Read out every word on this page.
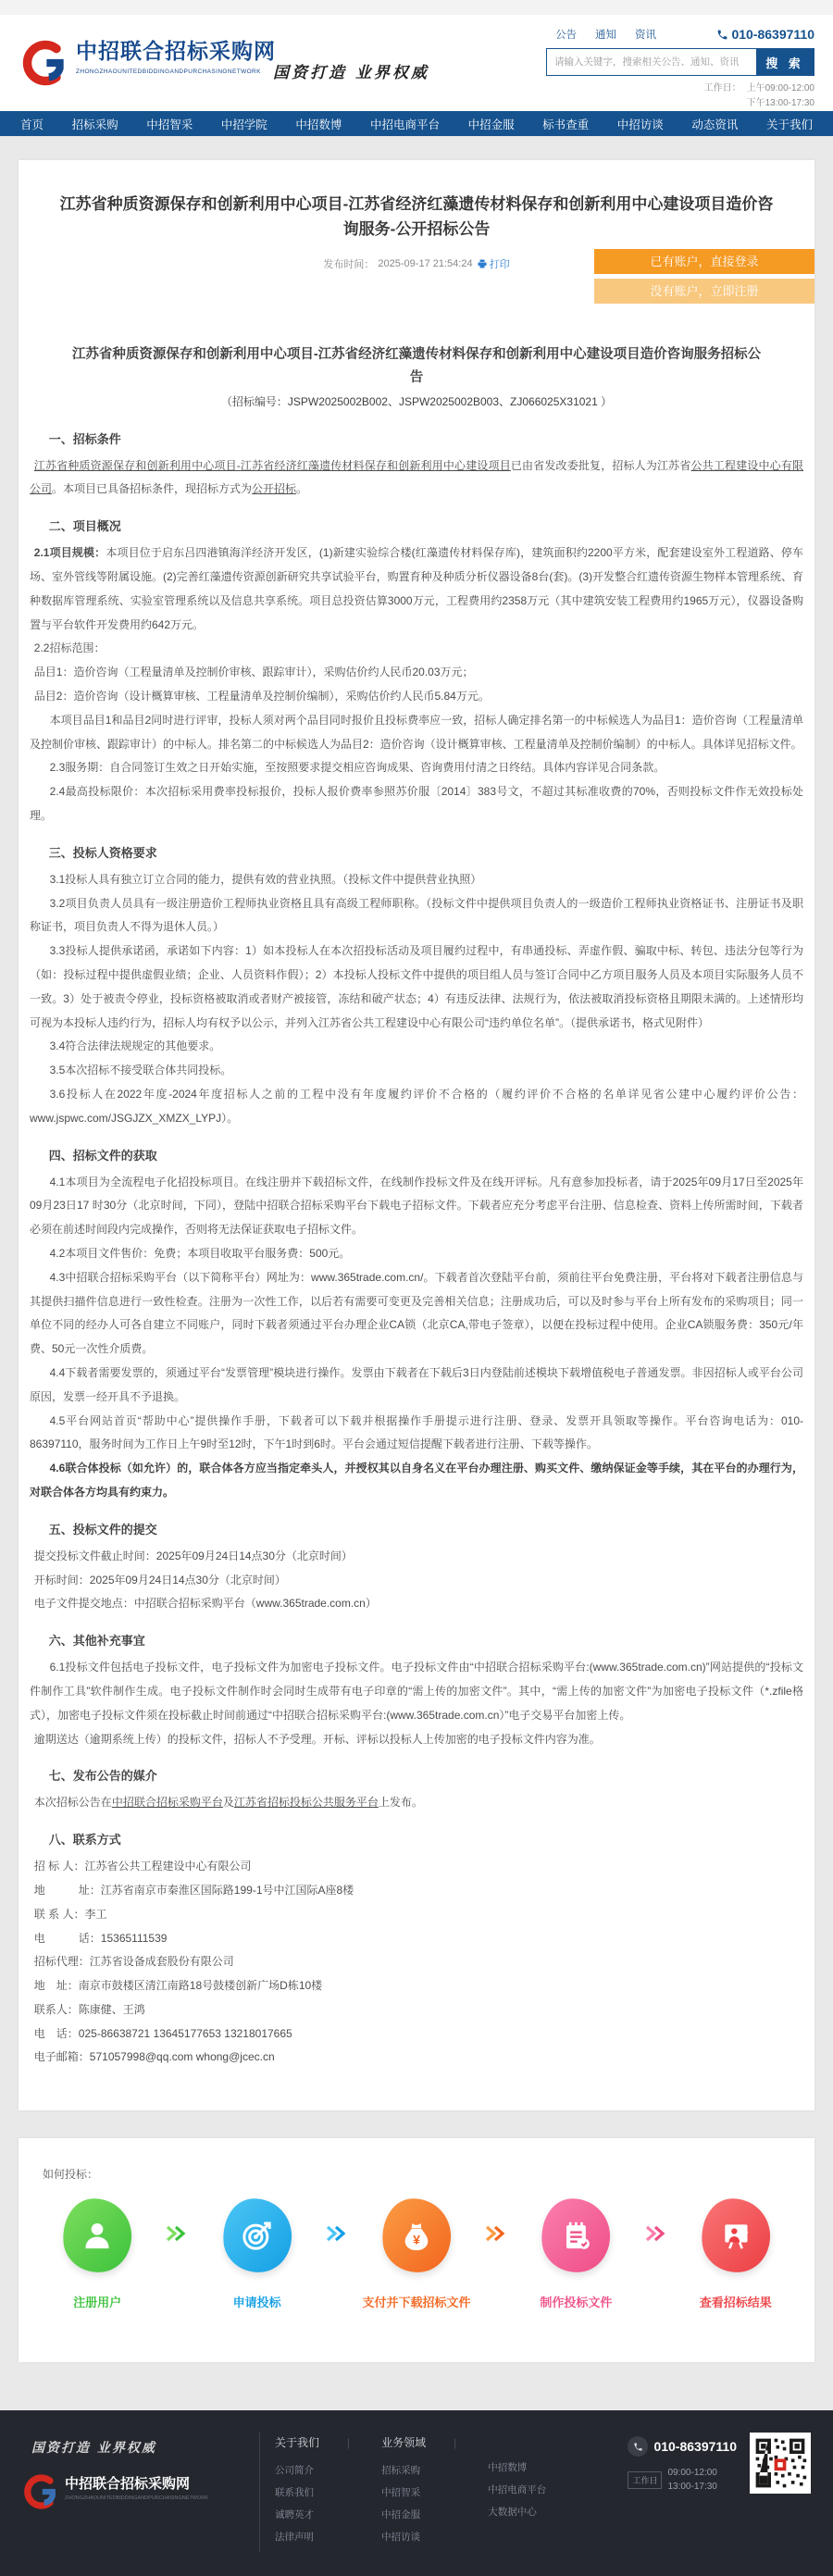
中招联合招标采购网
ZHONGZHAOUNITEDBIDDINGANDPURCHASINGNETWORK 国资打造 业界权威
公告	通知	资讯	010-86397110
请输入关键字，搜索相关公告、通知、资讯
搜 索
工作日： 上午09:00-12:00
下午13:00-17:30
首页 招标采购 中招智采 中招学院 中招数博 中招电商平台 中招金服 标书查重 中招访谈 动态资讯 关于我们
江苏省种质资源保存和创新利用中心项目-江苏省经济红藻遗传材料保存和创新利用中心建设项目造价咨询服务-公开招标公告
发布时间： 2025-09-17 21:54:24 打印	已有账户，直接登录
没有账户，立即注册
江苏省种质资源保存和创新利用中心项目-江苏省经济红藻遗传材料保存和创新利用中心建设项目造价咨询服务招标公告
（招标编号：JSPW2025002B002、JSPW2025002B003、ZJ066025X31021 ）
一、招标条件

江苏省种质资源保存和创新利用中心项目-江苏省经济红藻遗传材料保存和创新利用中心建设项目已由省发改委批复，招标人为江苏省公共工程建设中心有限公司。本项目已具备招标条件，现招标方式为公开招标。

二、项目概况

2.1项目规模：本项目位于启东吕四港镇海洋经济开发区，(1)新建实验综合楼(红藻遗传材料保存库)，建筑面积约2200平方米，配套建设室外工程道路、停车场、室外管线等附属设施。(2)完善红藻遗传资源创新研究共享试验平台，购置育种及种质分析仪器设备8台(套)。(3)开发整合红遗传资源生物样本管理系统、育种数据库管理系统、实验室管理系统以及信息共享系统。项目总投资估算3000万元，工程费用约2358万元（其中建筑安装工程费用约1965万元），仪器设备购置与平台软件开发费用约642万元。

2.2招标范围：

品目1：造价咨询（工程量清单及控制价审核、跟踪审计），采购估价约人民币20.03万元；

品目2：造价咨询（设计概算审核、工程量清单及控制价编制），采购估价约人民币5.84万元。

本项目品目1和品目2同时进行评审，投标人须对两个品目同时报价且投标费率应一致，招标人确定排名第一的中标候选人为品目1：造价咨询（工程量清单及控制价审核、跟踪审计）的中标人。排名第二的中标候选人为品目2：造价咨询（设计概算审核、工程量清单及控制价编制）的中标人。具体详见招标文件。

2.3服务期：自合同签订生效之日开始实施，至按照要求提交相应咨询成果、咨询费用付清之日终结。具体内容详见合同条款。

2.4最高投标限价：本次招标采用费率投标报价，投标人报价费率参照苏价服〔2014〕383号文，不超过其标准收费的70%，否则投标文件作无效投标处理。

三、投标人资格要求

3.1投标人具有独立订立合同的能力，提供有效的营业执照。（投标文件中提供营业执照）

3.2项目负责人员具有一级注册造价工程师执业资格且具有高级工程师职称。（投标文件中提供项目负责人的一级造价工程师执业资格证书、注册证书及职称证书，项目负责人不得为退休人员。）

3.3投标人提供承诺函，承诺如下内容：1）如本投标人在本次招投标活动及项目履约过程中，有串通投标、弄虚作假、骗取中标、转包、违法分包等行为（如：投标过程中提供虚假业绩；企业、人员资料作假）；2）本投标人投标文件中提供的项目组人员与签订合同中乙方项目服务人员及本项目实际服务人员不一致。3）处于被责令停业，投标资格被取消或者财产被接管，冻结和破产状态；4）有违反法律、法规行为，依法被取消投标资格且期限未满的。上述情形均可视为本投标人违约行为，招标人均有权予以公示，并列入江苏省公共工程建设中心有限公司“违约单位名单”。（提供承诺书，格式见附件）

3.4符合法律法规规定的其他要求。

3.5本次招标不接受联合体共同投标。

3.6投标人在2022年度-2024年度招标人之前的工程中没有年度履约评价不合格的（履约评价不合格的名单详见省公建中心履约评价公告：www.jspwc.com/JSGJZX_XMZX_LYPJ）。

四、招标文件的获取

4.1本项目为全流程电子化招投标项目。在线注册并下载招标文件，在线制作投标文件及在线开评标。凡有意参加投标者，请于2025年09月17日至2025年09月23日17 时30分（北京时间，下同），登陆中招联合招标采购平台下载电子招标文件。下载者应充分考虑平台注册、信息检查、资料上传所需时间，下载者必须在前述时间段内完成操作，否则将无法保证获取电子招标文件。

4.2本项目文件售价：免费；本项目收取平台服务费：500元。

4.3中招联合招标采购平台（以下简称平台）网址为：www.365trade.com.cn/。下载者首次登陆平台前，须前往平台免费注册，平台将对下载者注册信息与其提供扫描件信息进行一致性检查。注册为一次性工作，以后若有需要可变更及完善相关信息；注册成功后，可以及时参与平台上所有发布的采购项目；同一单位不同的经办人可各自建立不同账户，同时下载者须通过平台办理企业CA锁（北京CA,带电子签章），以便在投标过程中使用。企业CA锁服务费：350元/年费、50元一次性介质费。

4.4下载者需要发票的，须通过平台“发票管理”模块进行操作。发票由下载者在下载后3日内登陆前述模块下载增值税电子普通发票。非因招标人或平台公司原因，发票一经开具不予退换。

4.5平台网站首页“帮助中心”提供操作手册，下载者可以下载并根据操作手册提示进行注册、登录、发票开具领取等操作。平台咨询电话为：010-86397110，服务时间为工作日上午9时至12时，下午1时到6时。平台会通过短信提醒下载者进行注册、下载等操作。

4.6联合体投标（如允许）的，联合体各方应当指定牵头人，并授权其以自身名义在平台办理注册、购买文件、缴纳保证金等手续，其在平台的办理行为，对联合体各方均具有约束力。

五、投标文件的提交

提交投标文件截止时间：2025年09月24日14点30分（北京时间）

开标时间：2025年09月24日14点30分（北京时间）

电子文件提交地点：中招联合招标采购平台（www.365trade.com.cn）

六、其他补充事宜

6.1投标文件包括电子投标文件，电子投标文件为加密电子投标文件。电子投标文件由“中招联合招标采购平台:(www.365trade.com.cn)”网站提供的“投标文件制作工具”软件制作生成。电子投标文件制作时会同时生成带有电子印章的“需上传的加密文件”。其中，“需上传的加密文件”为加密电子投标文件（*.zfile格式），加密电子投标文件须在投标截止时间前通过“中招联合招标采购平台:(www.365trade.com.cn）”电子交易平台加密上传。

逾期送达（逾期系统上传）的投标文件，招标人不予受理。开标、评标以投标人上传加密的电子投标文件内容为准。

七、发布公告的媒介

本次招标公告在中招联合招标采购平台及江苏省招标投标公共服务平台上发布。

八、联系方式

招 标 人：江苏省公共工程建设中心有限公司

地　　　址：江苏省南京市秦淮区国际路199-1号中江国际A座8楼

联 系 人：李工

电　　　话：15365111539

招标代理：江苏省设备成套股份有限公司

地　址：南京市鼓楼区清江南路18号鼓楼创新广场D栋10楼

联系人：陈康健、王鸿

电　话：025-86638721 13645177653 13218017665

电子邮箱：571057998@qq.com whong@jcec.cn

如何投标：
注册用户	申请投标
¥
支付并下载招标文件	制作投标文件	查看招标结果
国资打造 业界权威
中招联合招标采购网
ZHONGZHAOUNITEDBIDDINGANDPURCHASINGNETWORK
关于我们	|
公司简介
联系我们
诚聘英才
法律声明
业务领域	|
招标采购
中招智采
中招金服
中招访谈

中招数博
中招电商平台
大数据中心
010-86397110
工作日
09:00-12:00
13:00-17:30
